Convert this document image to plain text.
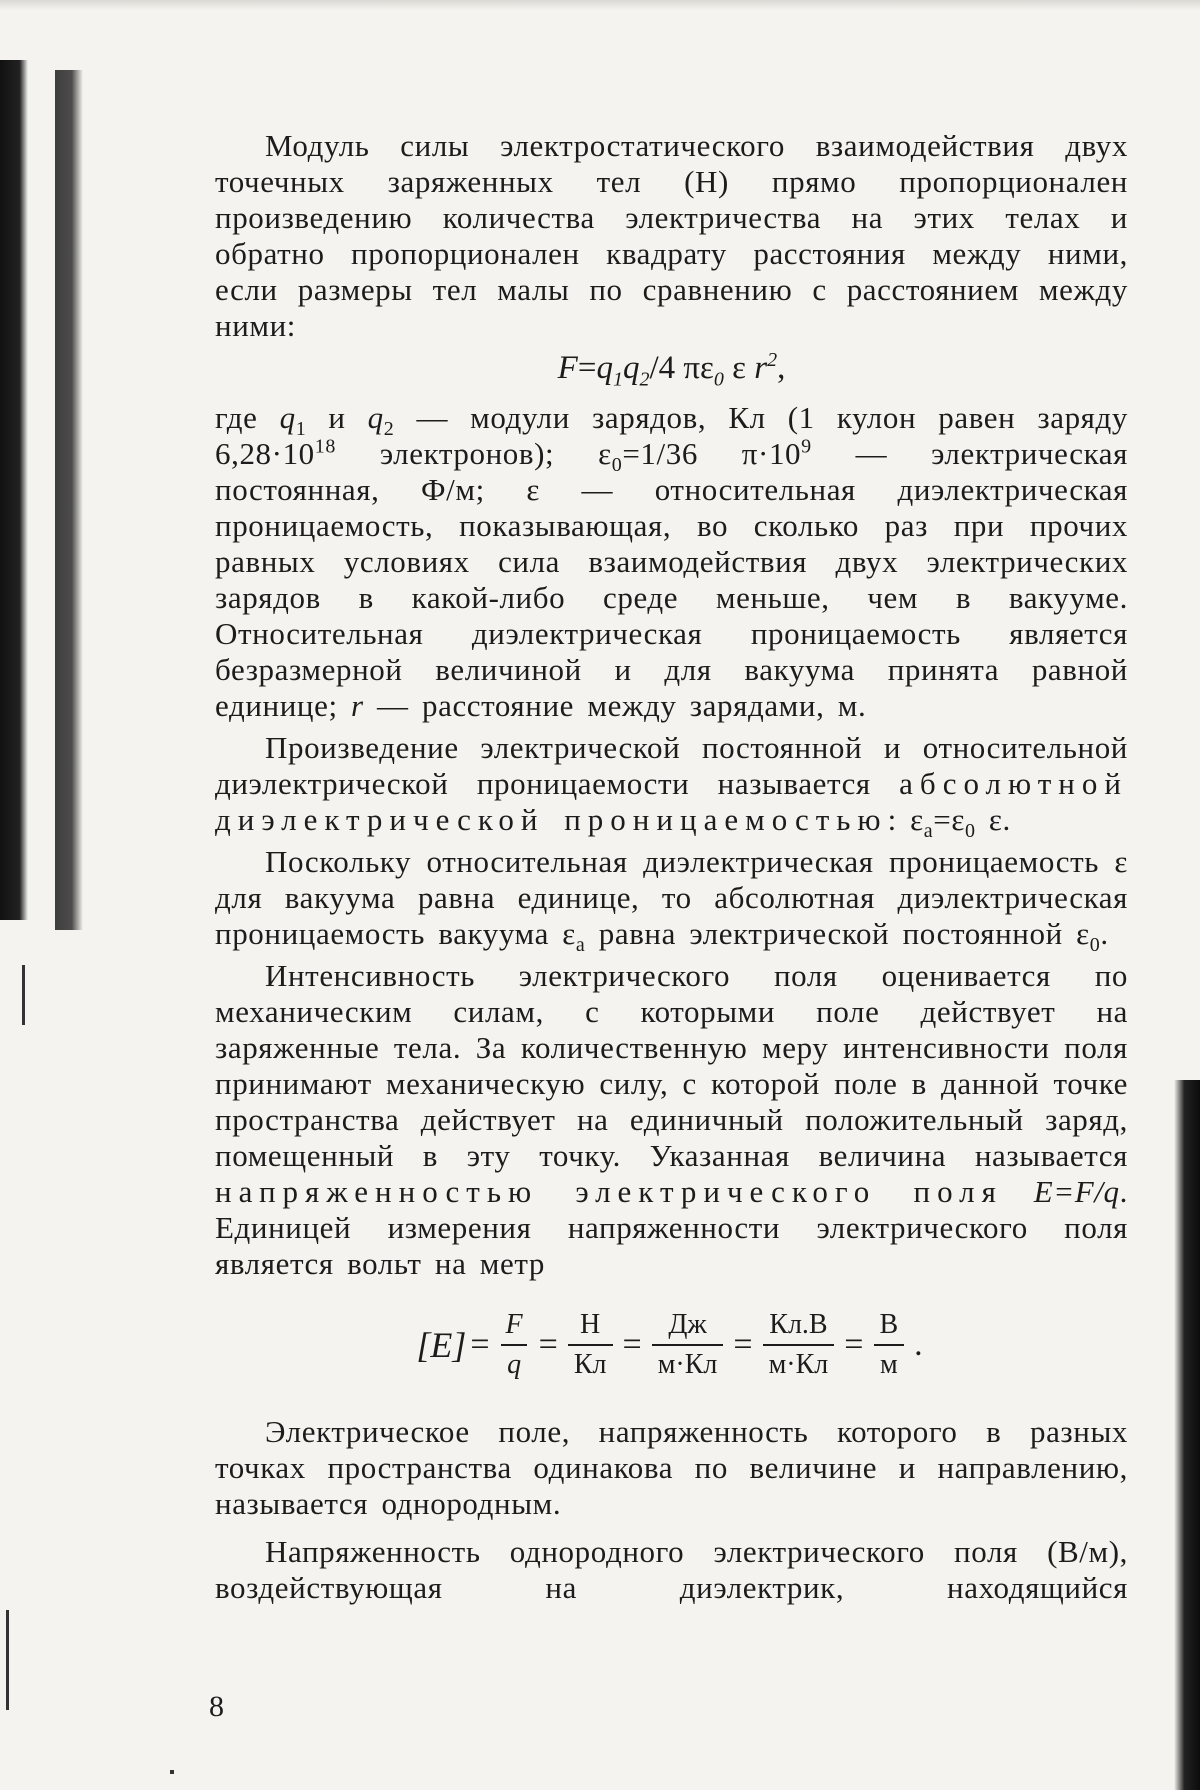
Модуль силы электростатического взаимодействия двух точечных заряженных тел (Н) прямо пропорционален произведению количества электричества на этих телах и обратно пропорционален квадрату расстояния между ними, если размеры тел малы по сравнению с расстоянием между ними:

$F=q_1q_2/4$ $\pi\varepsilon_0$ ε $r^2$,

где $q_1$ и $q_2$ — модули зарядов, Кл (1 кулон равен заряду $6,28\cdot 10^{18}$ электронов); $\varepsilon_0=1/36$ $\pi\cdot 10^9$ — электрическая постоянная, Ф/м; ε — относительная диэлектрическая проницаемость, показывающая, во сколько раз при прочих равных условиях сила взаимодействия двух электрических зарядов в какой-либо среде меньше, чем в вакууме. Относительная диэлектрическая проницаемость является безразмерной величиной и для вакуума принята равной единице; r — расстояние между зарядами, м.

Произведение электрической постоянной и относительной диэлектрической проницаемости называется абсолютной диэлектрической проницаемостью: $\varepsilon_a=\varepsilon_0$ ε.

Поскольку относительная диэлектрическая проницаемость ε для вакуума равна единице, то абсолютная диэлектрическая проницаемость вакуума $\varepsilon_a$ равна электрической постоянной $\varepsilon_0$.

Интенсивность электрического поля оценивается по механическим силам, с которыми поле действует на заряженные тела. За количественную меру интенсивности поля принимают механическую силу, с которой поле в данной точке пространства действует на единичный положительный заряд, помещенный в эту точку. Указанная величина называется напряженностью электрического поля E=F/q. Единицей измерения напряженности электрического поля является вольт на метр

$[E] = \frac{F}{q} = \frac{Н}{Кл} = \frac{Дж}{м\cdot Кл} = \frac{Кл.В}{м\cdot Кл} = \frac{В}{м}$ .

Электрическое поле, напряженность которого в разных точках пространства одинакова по величине и направлению, называется однородным.

Напряженность однородного электрического поля (В/м), воздействующая на диэлектрик, находящийся

8
